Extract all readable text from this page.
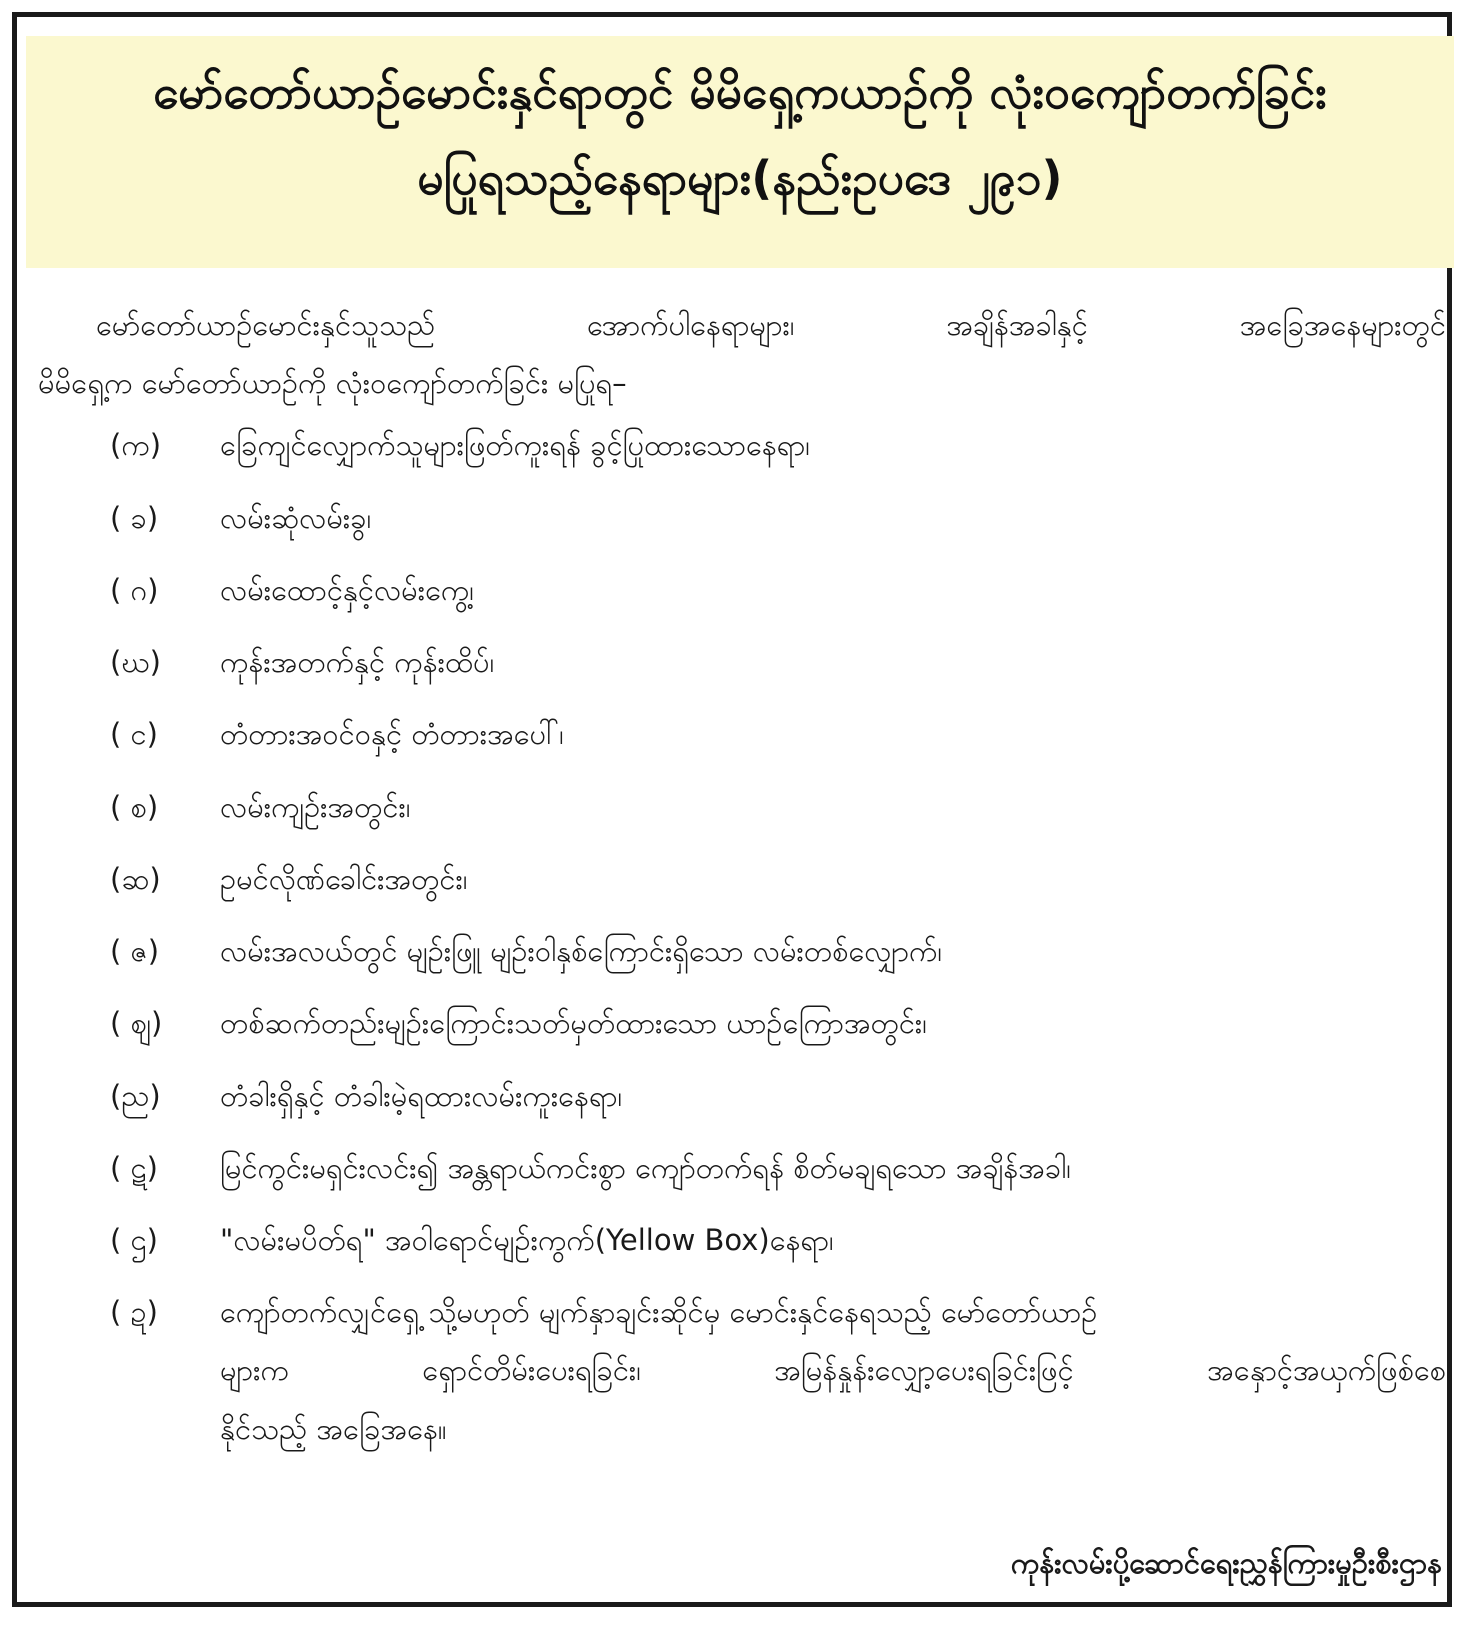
မော်တော်ယာဉ်မောင်းနှင်ရာတွင် မိမိရှေ့ကယာဉ်ကို လုံးဝကျော်တက်ခြင်း
မပြုရသည့်နေရာများ(နည်းဥပဒေ ၂၉၁)
မော်တော်ယာဉ်မောင်းနှင်သူသည်	အောက်ပါနေရာများ၊	အချိန်အခါနှင့်	အခြေအနေများတွင်
မိမိရှေ့က မော်တော်ယာဉ်ကို လုံးဝကျော်တက်ခြင်း မပြုရ–
(က)	ခြေကျင်လျှောက်သူများဖြတ်ကူးရန် ခွင့်ပြုထားသောနေရာ၊
( ခ)	လမ်းဆုံလမ်းခွ၊
( ဂ)	လမ်းထောင့်နှင့်လမ်းကွေ့၊
(ဃ)	ကုန်းအတက်နှင့် ကုန်းထိပ်၊
( င)	တံတားအဝင်ဝနှင့် တံတားအပေါ်၊
( စ)	လမ်းကျဉ်းအတွင်း၊
(ဆ)	ဥမင်လိုဏ်ခေါင်းအတွင်း၊
( ဇ)	လမ်းအလယ်တွင် မျဉ်းဖြူ မျဉ်းဝါနှစ်ကြောင်းရှိသော လမ်းတစ်လျှောက်၊
( ဈ)	တစ်ဆက်တည်းမျဉ်းကြောင်းသတ်မှတ်ထားသော ယာဉ်ကြောအတွင်း၊
(ည)	တံခါးရှိနှင့် တံခါးမဲ့ရထားလမ်းကူးနေရာ၊
( ဋ)	မြင်ကွင်းမရှင်းလင်း၍ အန္တရာယ်ကင်းစွာ ကျော်တက်ရန် စိတ်မချရသော အချိန်အခါ၊
( ဌ)	"လမ်းမပိတ်ရ" အဝါရောင်မျဉ်းကွက်(Yellow Box)နေရာ၊
( ဍ)	ကျော်တက်လျှင်ရှေ့ သို့မဟုတ် မျက်နှာချင်းဆိုင်မှ မောင်းနှင်နေရသည့် မော်တော်ယာဉ်
များက	ရှောင်တိမ်းပေးရခြင်း၊	အမြန်နှုန်းလျှော့ပေးရခြင်းဖြင့်	အနှောင့်အယှက်ဖြစ်စေ
နိုင်သည့် အခြေအနေ။
ကုန်းလမ်းပို့ဆောင်ရေးညွှန်ကြားမှုဦးစီးဌာန
